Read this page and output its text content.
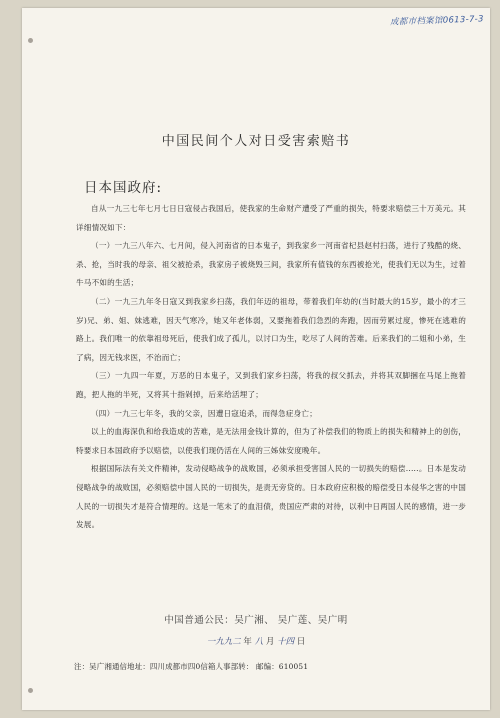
成都市档案馆0613-7-3
中国民间个人对日受害索赔书
日本国政府:

自从一九三七年七月七日日寇侵占我国后，使我家的生命财产遭受了严重的损失，特要求赔偿三十万美元。其详细情况如下：

（一）一九三八年六、七月间，侵入河南省的日本鬼子，到我家乡一河南省杞县赵村扫荡，进行了残酷的烧、杀、抢，当时我的母亲、祖父被抢杀，我家房子被烧毁三间，我家所有值钱的东西被抢光，使我们无以为生，过着牛马不如的生活；

（二）一九三九年冬日寇又到我家乡扫荡，我们年迈的祖母，带着我们年幼的(当时最大的15岁，最小的才三岁)兄、弟、姐、妹逃难，因天气寒冷，她又年老体弱，又要拖着我们急烈的奔跑，因而劳累过度，惨死在逃难的路上。我们唯一的依靠祖母死后，使我们成了孤儿，以讨口为生，吃尽了人间的苦难。后来我们的二姐和小弟，生了病，因无钱求医，不治而亡；

（三）一九四一年夏，万恶的日本鬼子，又到我们家乡扫荡，将我的叔父抓去，并将其双脚捆在马尾上拖着跑，把人拖的半死，又将其十指剁掉，后来给活埋了；

（四）一九三七年冬，我的父亲，因遭日寇追杀，而得急症身亡；

以上的血海深仇和给我造成的苦难，是无法用金钱计算的，但为了补偿我们的物质上的损失和精神上的创伤，特要求日本国政府予以赔偿，以使我们现仍活在人间的三姊妹安度晚年。

根据国际法有关文件精神，发动侵略战争的战败国，必须承担受害国人民的一切损失的赔偿.....。日本是发动侵略战争的战败国，必须赔偿中国人民的一切损失，是责无旁贷的。日本政府应积极的赔偿受日本侵华之害的中国人民的一切损失才是符合情理的。这是一笔未了的血泪债，贵国应严肃的对待，以利中日两国人民的感情，进一步发展。

中国普通公民：吴广湘、 吴广莲、吴广明
一九九二 年 八 月 十四 日
注：吴广湘通信地址：四川成都市四0信箱人事部转： 邮编：610051
